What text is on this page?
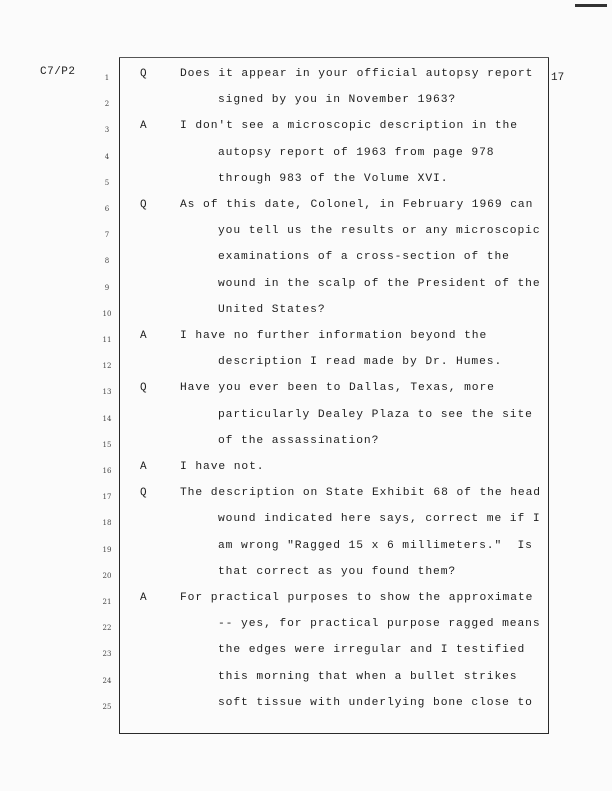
C7/P2	17
1	Q	Does it appear in your official autopsy report
2	signed by you in November 1963?
3	A	I don't see a microscopic description in the
4	autopsy report of 1963 from page 978
5	through 983 of the Volume XVI.
6	Q	As of this date, Colonel, in February 1969 can
7	you tell us the results or any microscopic
8	examinations of a cross-section of the
9	wound in the scalp of the President of the
10	United States?
11	A	I have no further information beyond the
12	description I read made by Dr. Humes.
13	Q	Have you ever been to Dallas, Texas, more
14	particularly Dealey Plaza to see the site
15	of the assassination?
16	A	I have not.
17	Q	The description on State Exhibit 68 of the head
18	wound indicated here says, correct me if I
19	am wrong "Ragged 15 x 6 millimeters."  Is
20	that correct as you found them?
21	A	For practical purposes to show the approximate
22	-- yes, for practical purpose ragged means
23	the edges were irregular and I testified
24	this morning that when a bullet strikes
25	soft tissue with underlying bone close to
